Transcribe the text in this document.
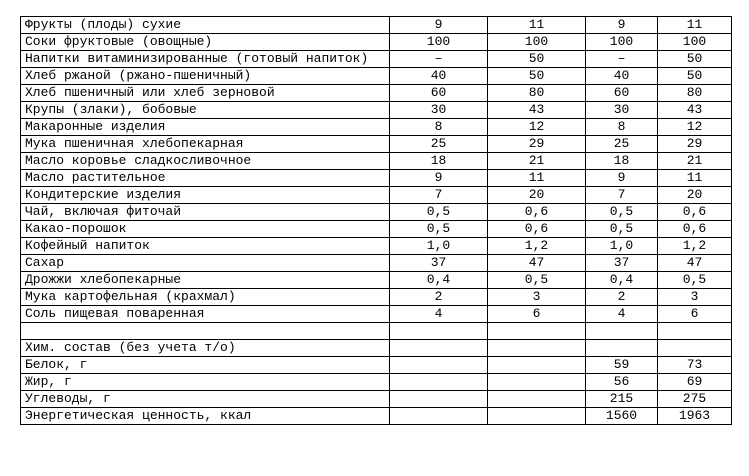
Фрукты (плоды) сухие	9	11	9	11
Соки фруктовые (овощные)	100	100	100	100
Напитки витаминизированные (готовый напиток)	–	50	–	50
Хлеб ржаной (ржано-пшеничный)	40	50	40	50
Хлеб пшеничный или хлеб зерновой	60	80	60	80
Крупы (злаки), бобовые	30	43	30	43
Макаронные изделия	8	12	8	12
Мука пшеничная хлебопекарная	25	29	25	29
Масло коровье сладкосливочное	18	21	18	21
Масло растительное	9	11	9	11
Кондитерские изделия	7	20	7	20
Чай, включая фиточай	0,5	0,6	0,5	0,6
Какао-порошок	0,5	0,6	0,5	0,6
Кофейный напиток	1,0	1,2	1,0	1,2
Сахар	37	47	37	47
Дрожжи хлебопекарные	0,4	0,5	0,4	0,5
Мука картофельная (крахмал)	2	3	2	3
Соль пищевая поваренная	4	6	4	6

Хим. состав (без учета т/о)				
Белок, г			59	73
Жир, г			56	69
Углеводы, г			215	275
Энергетическая ценность, ккал			1560	1963
